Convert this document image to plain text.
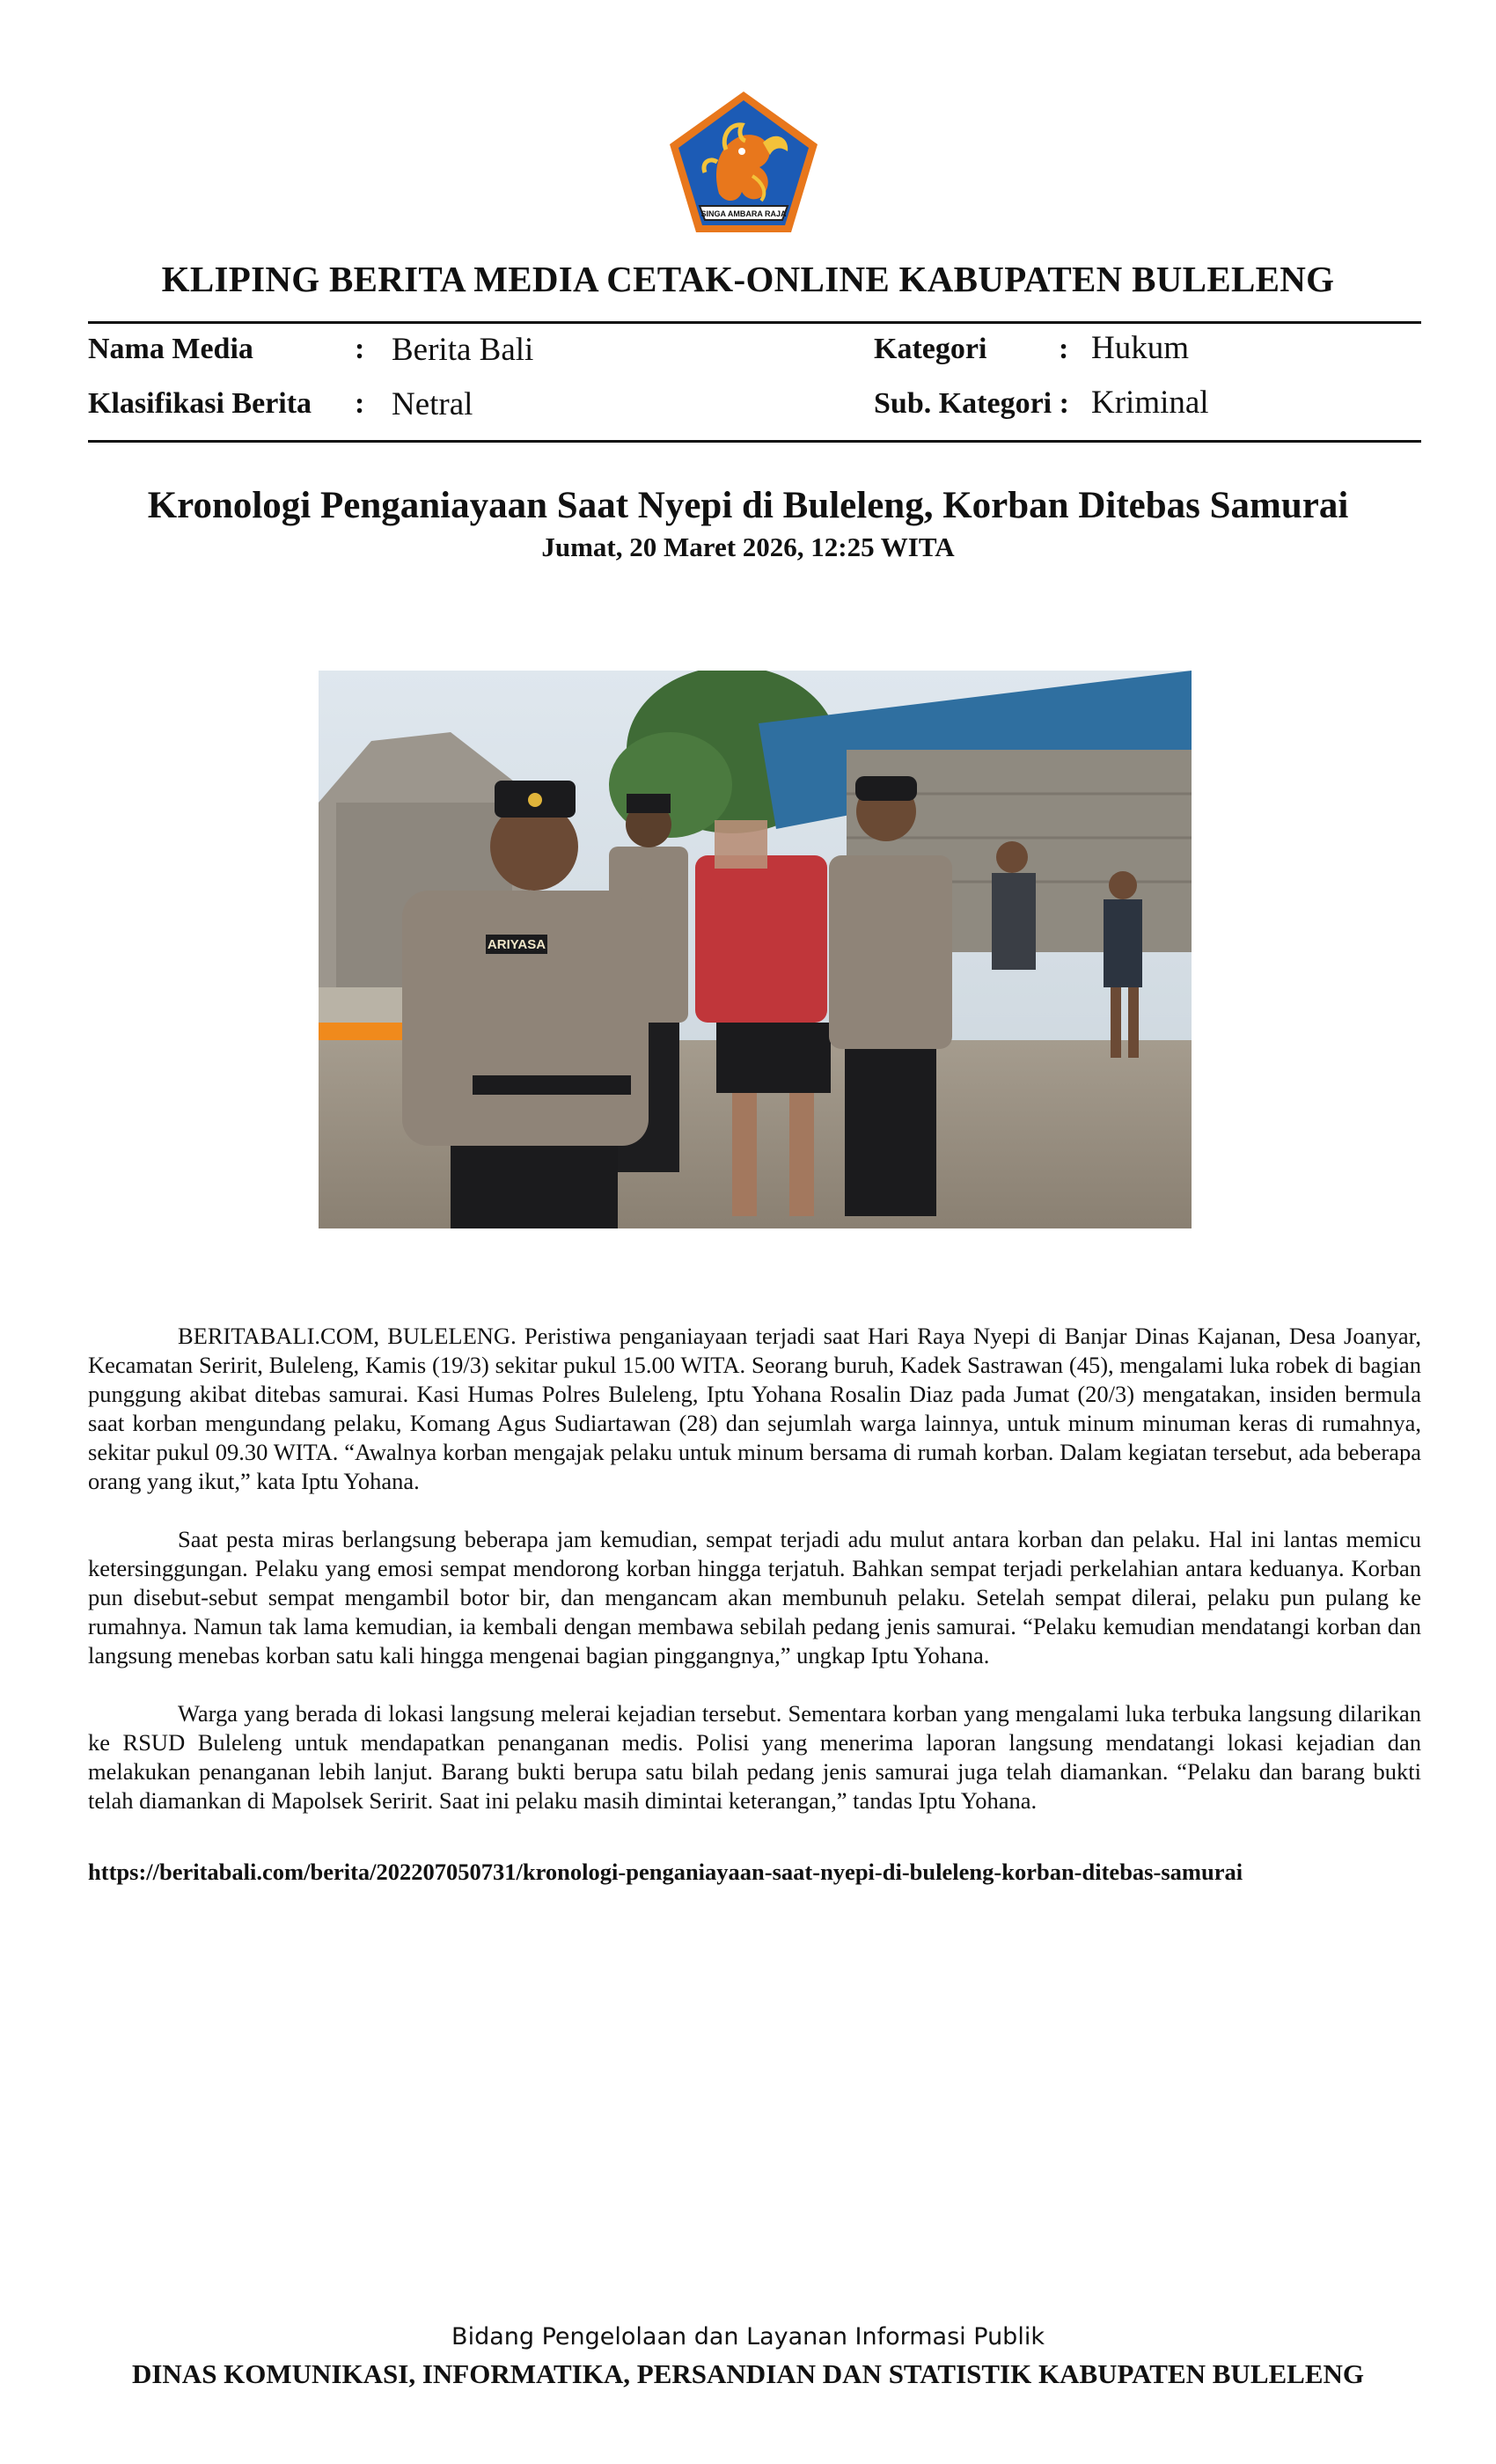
SINGA AMBARA RAJA
KLIPING BERITA MEDIA CETAK-ONLINE KABUPATEN BULELENG
Nama Media	: Berita Bali
Klasifikasi Berita : Netral
Kategori : Hukum
Sub. Kategori : Kriminal
Kronologi Penganiayaan Saat Nyepi di Buleleng, Korban Ditebas Samurai
Jumat, 20 Maret 2026, 12:25 WITA
ARIYASA

BERITABALI.COM, BULELENG. Peristiwa penganiayaan terjadi saat Hari Raya Nyepi di Banjar Dinas Kajanan, Desa Joanyar, Kecamatan Seririt, Buleleng, Kamis (19/3) sekitar pukul 15.00 WITA. Seorang buruh, Kadek Sastrawan (45), mengalami luka robek di bagian punggung akibat ditebas samurai. Kasi Humas Polres Buleleng, Iptu Yohana Rosalin Diaz pada Jumat (20/3) mengatakan, insiden bermula saat korban mengundang pelaku, Komang Agus Sudiartawan (28) dan sejumlah warga lainnya, untuk minum minuman keras di rumahnya, sekitar pukul 09.30 WITA. “Awalnya korban mengajak pelaku untuk minum bersama di rumah korban. Dalam kegiatan tersebut, ada beberapa orang yang ikut,” kata Iptu Yohana.

Saat pesta miras berlangsung beberapa jam kemudian, sempat terjadi adu mulut antara korban dan pelaku. Hal ini lantas memicu ketersinggungan. Pelaku yang emosi sempat mendorong korban hingga terjatuh. Bahkan sempat terjadi perkelahian antara keduanya. Korban pun disebut-sebut sempat mengambil botor bir, dan mengancam akan membunuh pelaku. Setelah sempat dilerai, pelaku pun pulang ke rumahnya. Namun tak lama kemudian, ia kembali dengan membawa sebilah pedang jenis samurai. “Pelaku kemudian mendatangi korban dan langsung menebas korban satu kali hingga mengenai bagian pinggangnya,” ungkap Iptu Yohana.

Warga yang berada di lokasi langsung melerai kejadian tersebut. Sementara korban yang mengalami luka terbuka langsung dilarikan ke RSUD Buleleng untuk mendapatkan penanganan medis. Polisi yang menerima laporan langsung mendatangi lokasi kejadian dan melakukan penanganan lebih lanjut. Barang bukti berupa satu bilah pedang jenis samurai juga telah diamankan. “Pelaku dan barang bukti telah diamankan di Mapolsek Seririt. Saat ini pelaku masih dimintai keterangan,” tandas Iptu Yohana.

https://beritabali.com/berita/202207050731/kronologi-penganiayaan-saat-nyepi-di-buleleng-korban-ditebas-samurai
Bidang Pengelolaan dan Layanan Informasi Publik
DINAS KOMUNIKASI, INFORMATIKA, PERSANDIAN DAN STATISTIK KABUPATEN BULELENG
